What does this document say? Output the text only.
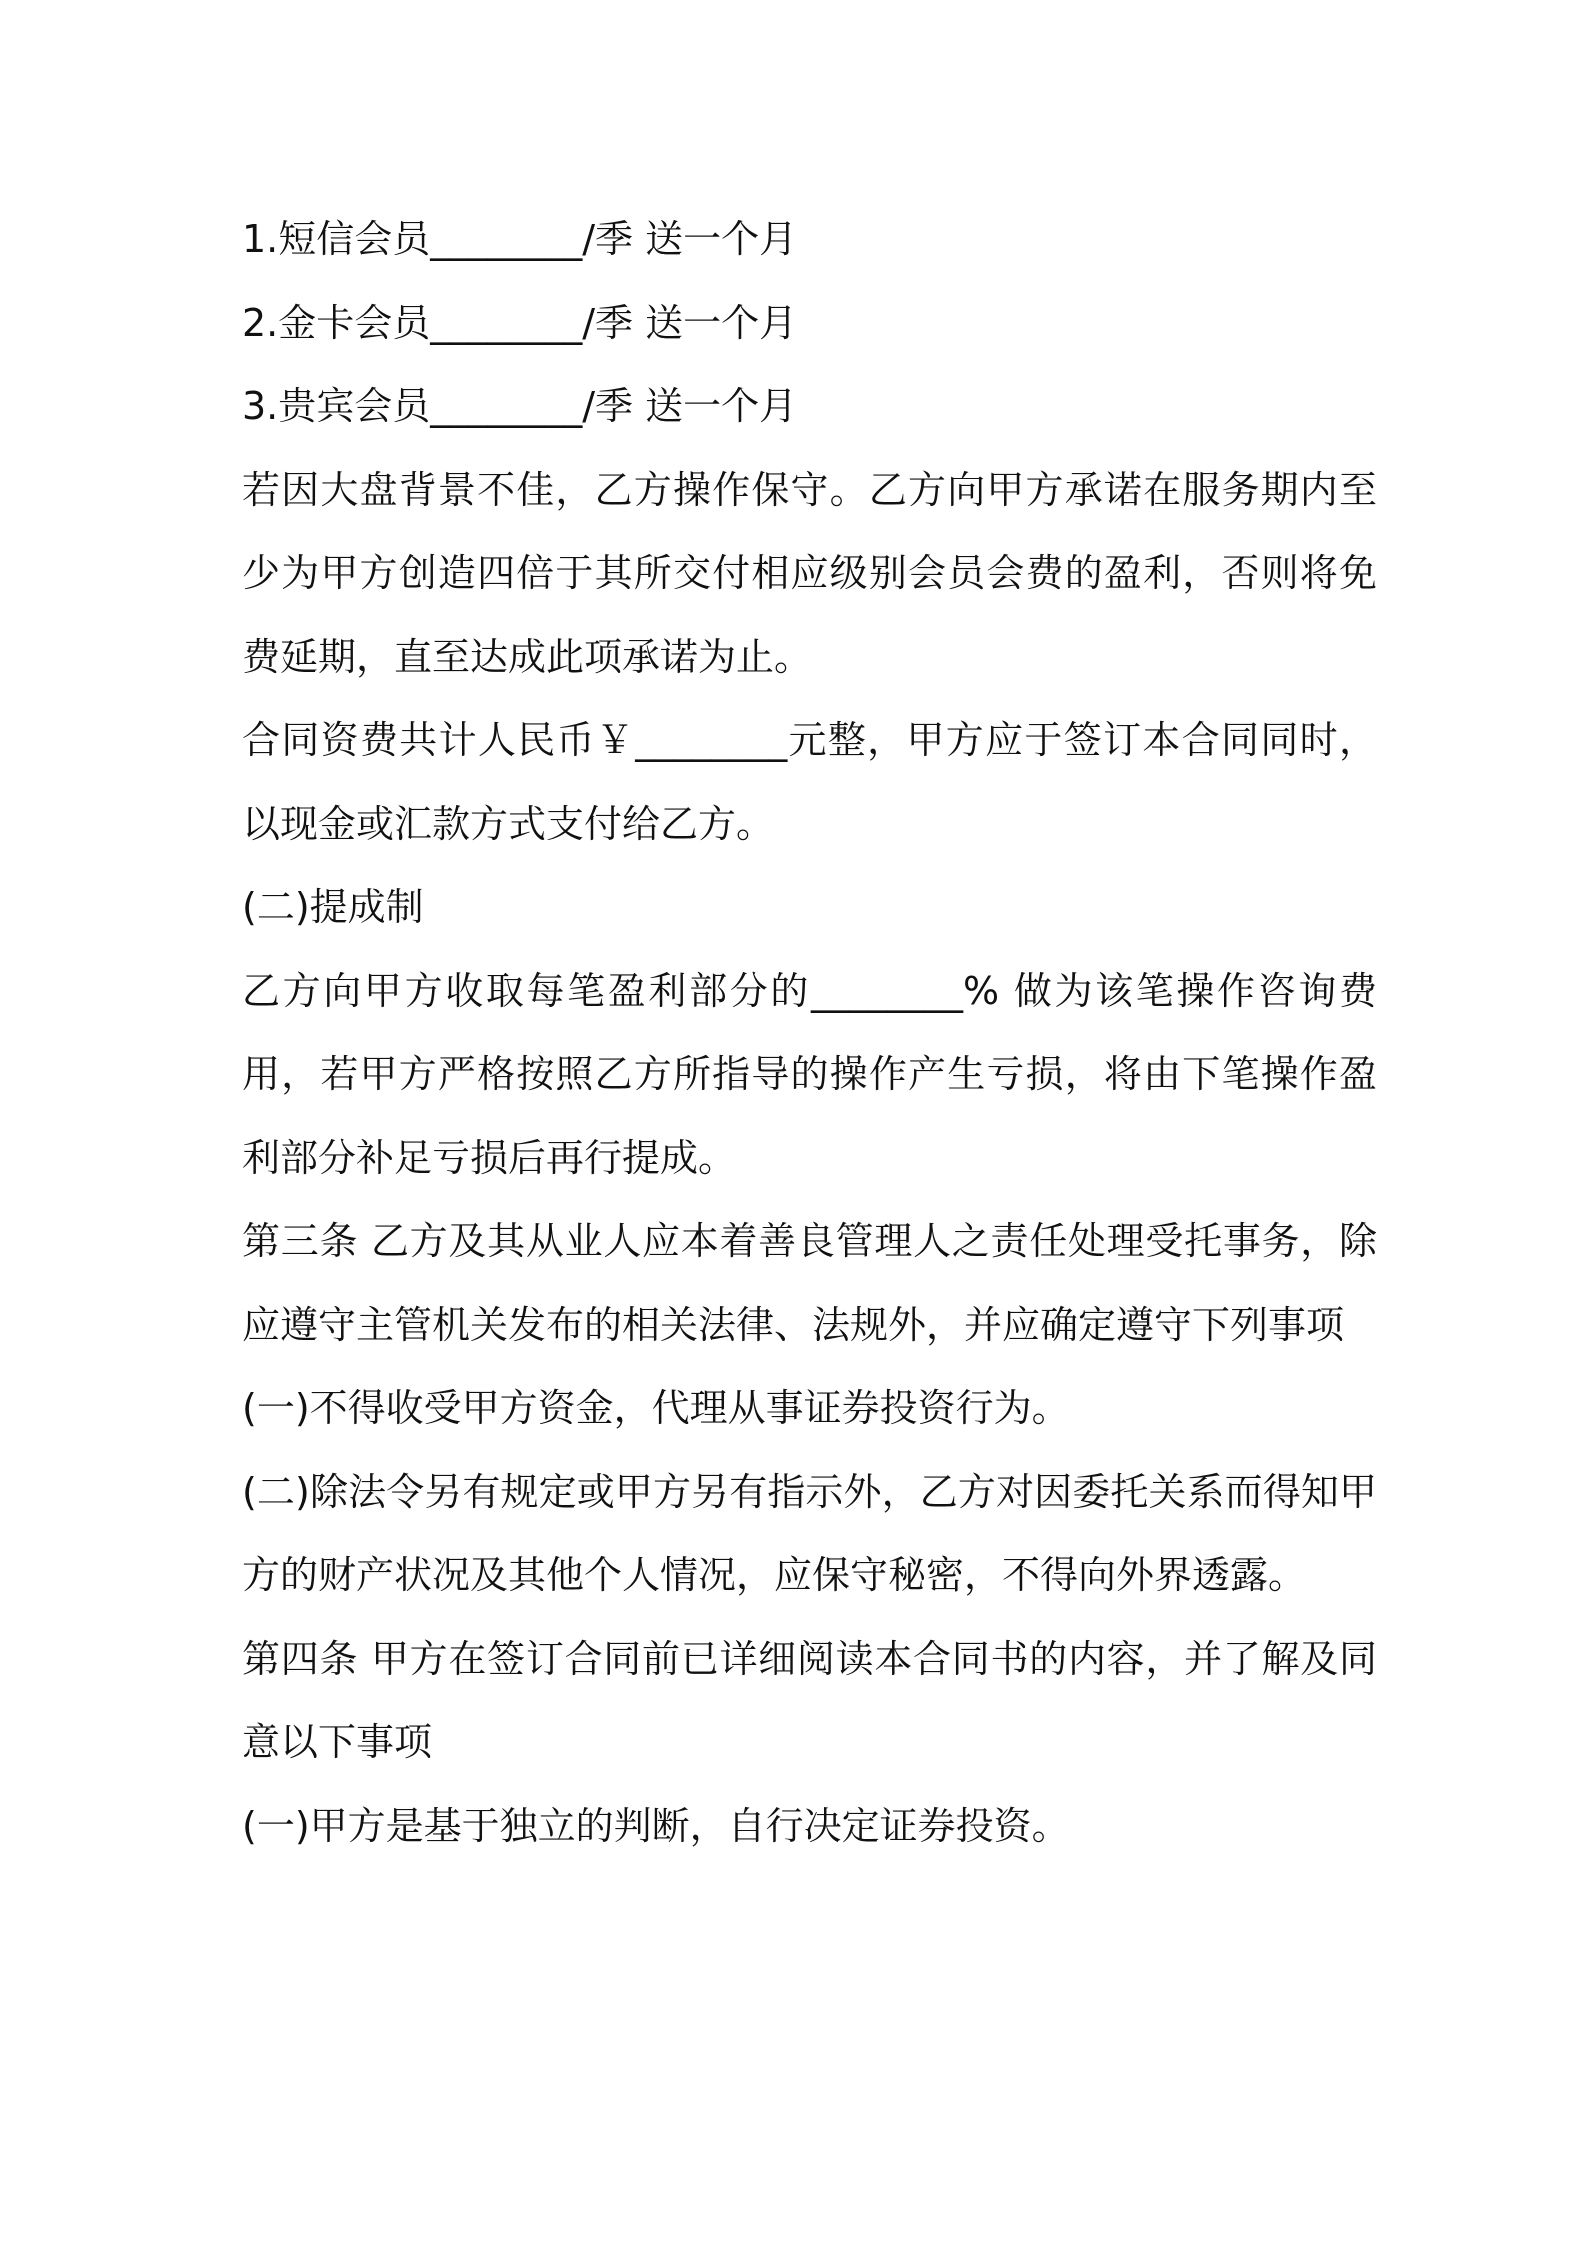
1.短信会员________/季 送一个月

2.金卡会员________/季 送一个月

3.贵宾会员________/季 送一个月

若因大盘背景不佳，乙方操作保守。乙方向甲方承诺在服务期内至少为甲方创造四倍于其所交付相应级别会员会费的盈利，否则将免费延期，直至达成此项承诺为止。

合同资费共计人民币￥________元整，甲方应于签订本合同同时，以现金或汇款方式支付给乙方。

(二)提成制

乙方向甲方收取每笔盈利部分的________% 做为该笔操作咨询费用，若甲方严格按照乙方所指导的操作产生亏损，将由下笔操作盈利部分补足亏损后再行提成。

第三条 乙方及其从业人应本着善良管理人之责任处理受托事务，除应遵守主管机关发布的相关法律、法规外，并应确定遵守下列事项

(一)不得收受甲方资金，代理从事证券投资行为。

(二)除法令另有规定或甲方另有指示外，乙方对因委托关系而得知甲方的财产状况及其他个人情况，应保守秘密，不得向外界透露。

第四条 甲方在签订合同前已详细阅读本合同书的内容，并了解及同意以下事项

(一)甲方是基于独立的判断，自行决定证券投资。
